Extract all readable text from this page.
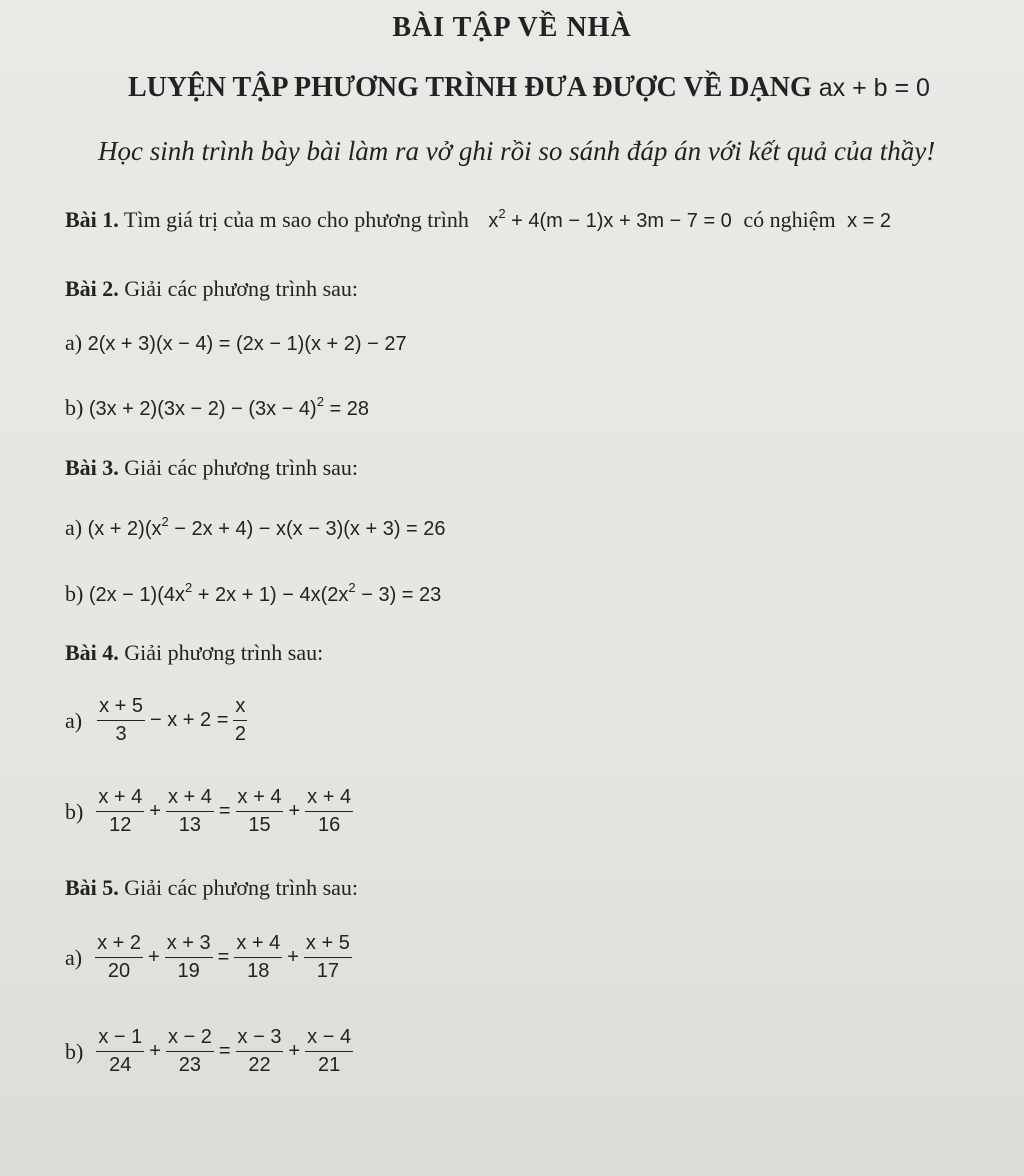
BÀI TẬP VỀ NHÀ
LUYỆN TẬP PHƯƠNG TRÌNH ĐƯA ĐƯỢC VỀ DẠNG ax + b = 0
Học sinh trình bày bài làm ra vở ghi rồi so sánh đáp án với kết quả của thầy!
Bài 1. Tìm giá trị của m sao cho phương trình $x^2 + 4(m - 1)x + 3m - 7 = 0$ có nghiệm x = 2
Bài 2. Giải các phương trình sau:
a) 2(x + 3)(x − 4) = (2x − 1)(x + 2) − 27
b) $(3x + 2)(3x - 2) - (3x - 4)^2 = 28$
Bài 3. Giải các phương trình sau:
a) $(x + 2)(x^2 - 2x + 4) - x(x - 3)(x + 3) = 26$
b) $(2x - 1)(4x^2 + 2x + 1) - 4x(2x^2 - 3) = 23$
Bài 4. Giải phương trình sau:
$a) \frac{x + 5}{3} - x + 2 = \frac{x}{2}$
$b) \frac{x + 4}{12} + \frac{x + 4}{13} = \frac{x + 4}{15} + \frac{x + 4}{16}$
Bài 5. Giải các phương trình sau:
$a) \frac{x + 2}{20} + \frac{x + 3}{19} = \frac{x + 4}{18} + \frac{x + 5}{17}$
$b) \frac{x - 1}{24} + \frac{x - 2}{23} = \frac{x - 3}{22} + \frac{x - 4}{21}$
